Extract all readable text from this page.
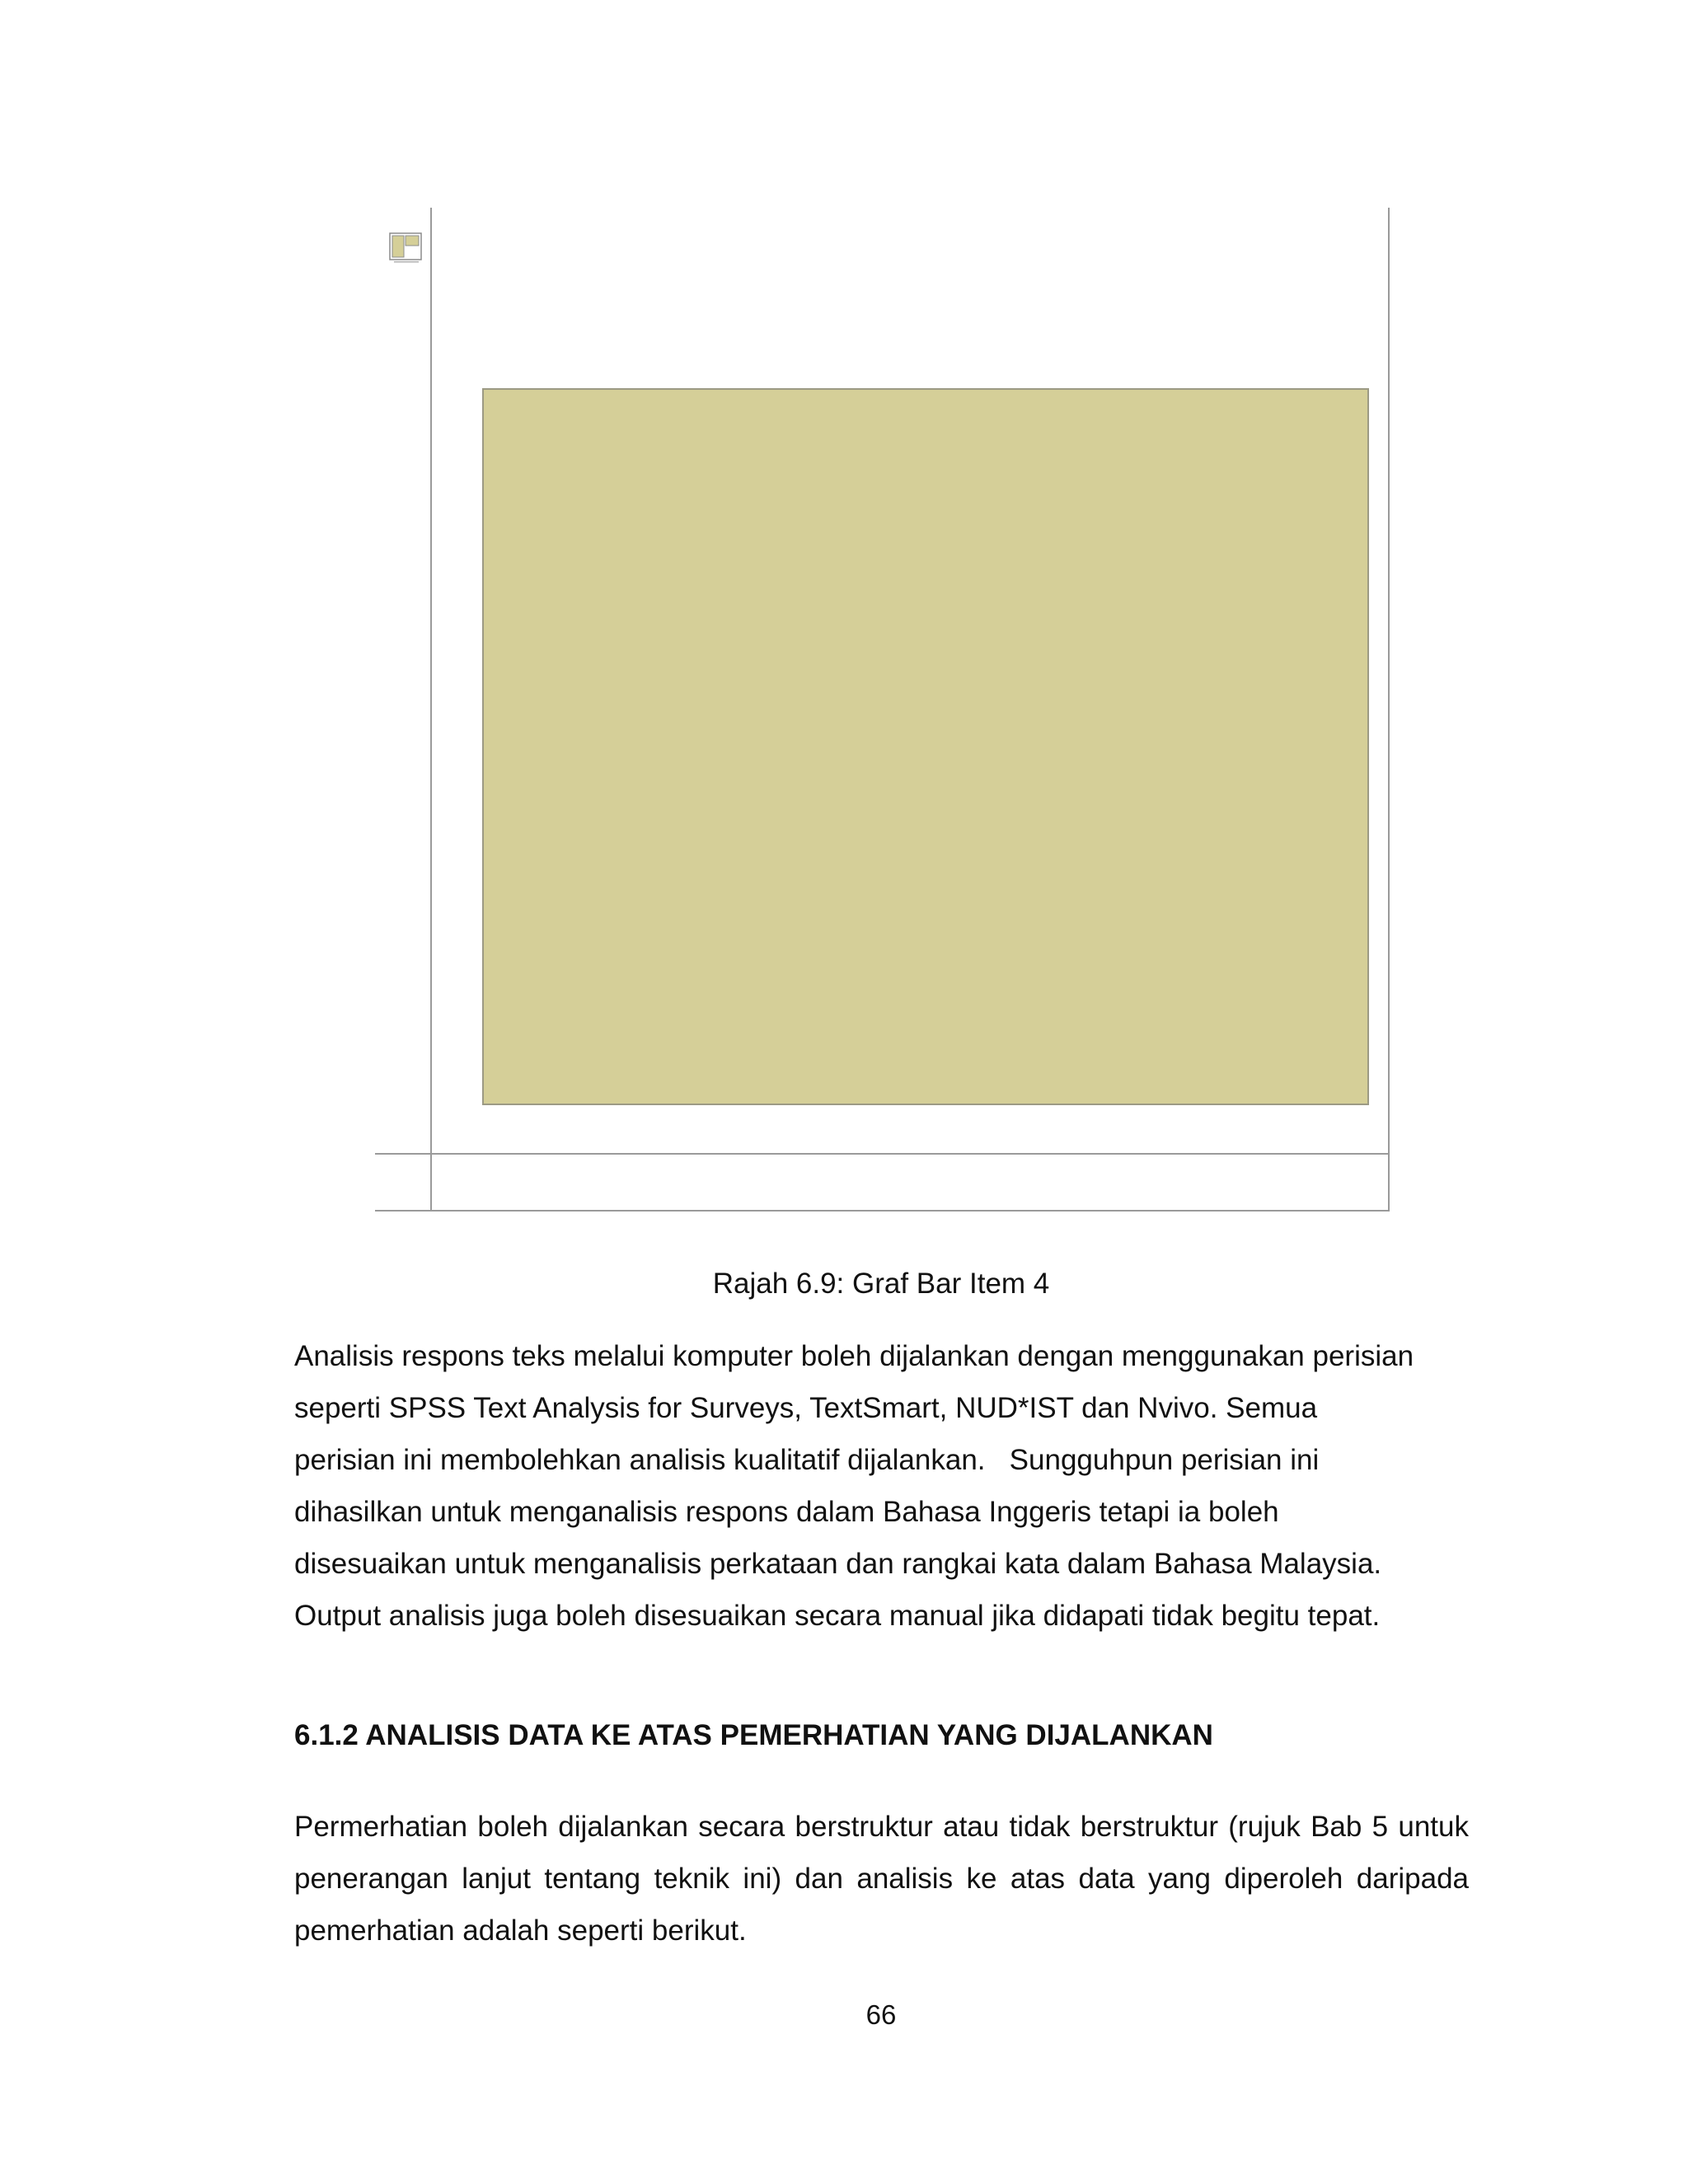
Rajah 6.9: Graf Bar Item 4

Analisis respons teks melalui komputer boleh dijalankan dengan menggunakan perisian
seperti SPSS Text Analysis for Surveys, TextSmart, NUD*IST dan Nvivo. Semua
perisian ini membolehkan analisis kualitatif dijalankan.   Sungguhpun perisian ini
dihasilkan untuk menganalisis respons dalam Bahasa Inggeris tetapi ia boleh
disesuaikan untuk menganalisis perkataan dan rangkai kata dalam Bahasa Malaysia.
Output analisis juga boleh disesuaikan secara manual jika didapati tidak begitu tepat.
6.1.2 ANALISIS DATA KE ATAS PEMERHATIAN YANG DIJALANKAN

Permerhatian boleh dijalankan secara berstruktur atau tidak berstruktur (rujuk Bab 5 untuk penerangan lanjut tentang teknik ini) dan analisis ke atas data yang diperoleh daripada pemerhatian adalah seperti berikut.

66
